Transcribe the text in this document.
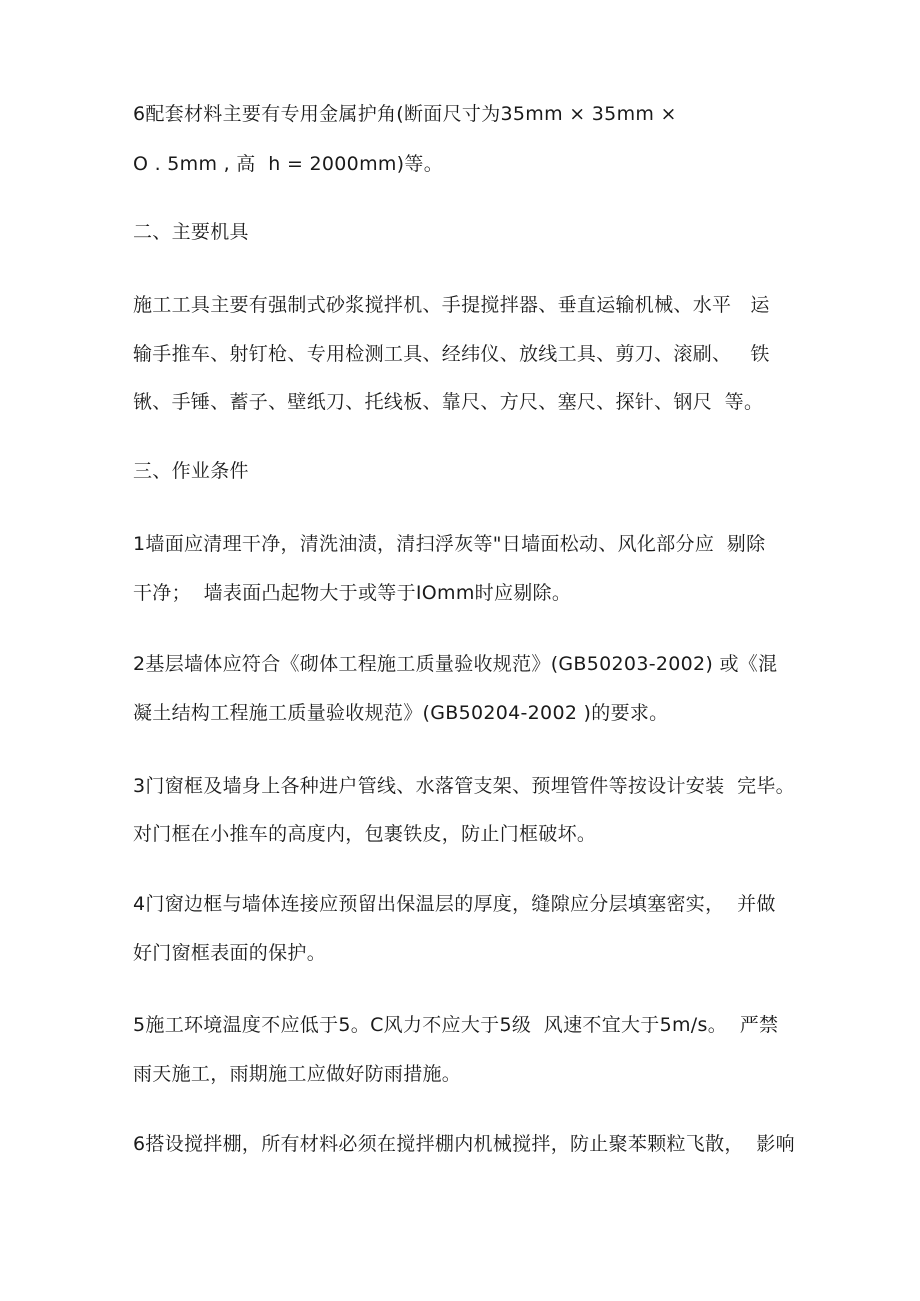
6配套材料主要有专用金属护角(断面尺寸为35mm × 35mm ×
O . 5mm , 高  h = 2000mm)等。
二、主要机具
施工工具主要有强制式砂浆搅拌机、手提搅拌器、垂直运输机械、水平   运
输手推车、射钉枪、专用检测工具、经纬仪、放线工具、剪刀、滚刷、   铁
锹、手锤、蓄子、壁纸刀、托线板、靠尺、方尺、塞尺、探针、钢尺  等。
三、作业条件
1墙面应清理干净，清洗油渍，清扫浮灰等"日墙面松动、风化部分应  剔除
干净；  墙表面凸起物大于或等于IOmm时应剔除。
2基层墙体应符合《砌体工程施工质量验收规范》(GB50203-2002) 或《混
凝土结构工程施工质量验收规范》(GB50204-2002 )的要求。
3门窗框及墙身上各种进户管线、水落管支架、预埋管件等按设计安装  完毕。
对门框在小推车的高度内，包裹铁皮，防止门框破坏。
4门窗边框与墙体连接应预留出保温层的厚度，缝隙应分层填塞密实，  并做
好门窗框表面的保护。
5施工环境温度不应低于5。C风力不应大于5级  风速不宜大于5m/s。  严禁
雨天施工，雨期施工应做好防雨措施。
6搭设搅拌棚，所有材料必须在搅拌棚内机械搅拌，防止聚苯颗粒飞散，  影响
